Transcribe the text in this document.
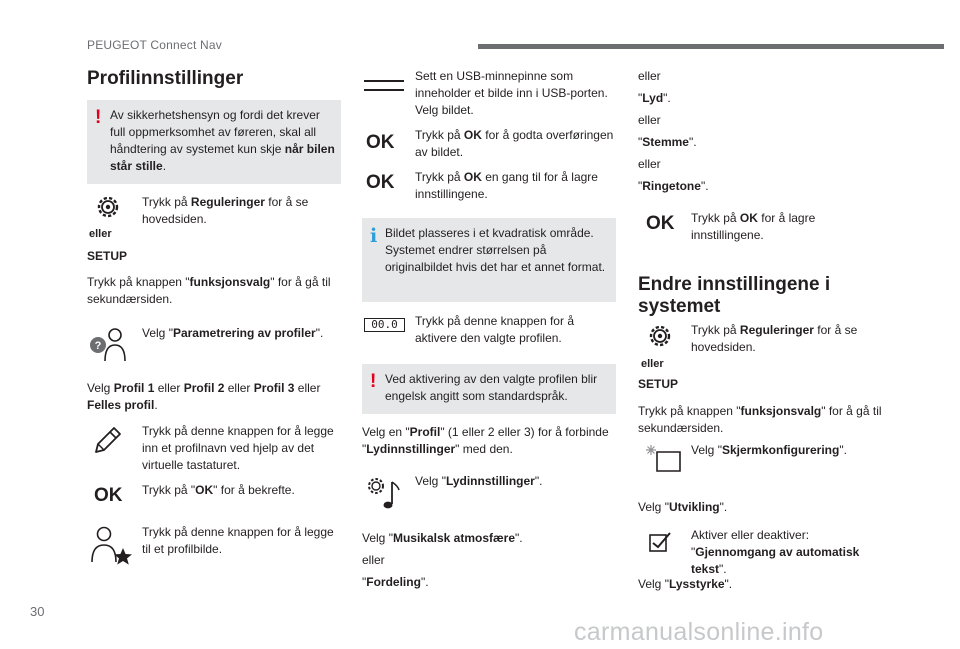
PEUGEOT Connect Nav
Profilinnstillinger
! Av sikkerhetshensyn og fordi det krever full oppmerksomhet av føreren, skal all håndtering av systemet kun skje når bilen står stille.

eller
SETUP

Trykk på Reguleringer for å se hovedsiden.

Trykk på knappen "funksjonsvalg" for å gå til sekundærsiden.

?

Velg "Parametrering av profiler".

Velg Profil 1 eller Profil 2 eller Profil 3 eller Felles profil.

Trykk på denne knappen for å legge inn et profilnavn ved hjelp av det virtuelle tastaturet.

OK Trykk på "OK" for å bekrefte.

Trykk på denne knappen for å legge til et profilbilde.

Sett en USB-minnepinne som inneholder et bilde inn i USB-porten. Velg bildet.

OK Trykk på OK for å godta overføringen av bildet.

OK Trykk på OK en gang til for å lagre innstillingene.

i Bildet plasseres i et kvadratisk område. Systemet endrer størrelsen på originalbildet hvis det har et annet format.

00.0	Trykk på denne knappen for å aktivere den valgte profilen.

! Ved aktivering av den valgte profilen blir engelsk angitt som standardspråk.

Velg en "Profil" (1 eller 2 eller 3) for å forbinde "Lydinnstillinger" med den.

Velg "Lydinnstillinger".

Velg "Musikalsk atmosfære".

eller

"Fordeling".

eller

"Lyd".

eller

"Stemme".

eller

"Ringetone".

OK Trykk på OK for å lagre innstillingene.

Endre innstillingene i systemet
eller
SETUP

Trykk på Reguleringer for å se hovedsiden.

Trykk på knappen "funksjonsvalg" for å gå til sekundærsiden.

Velg "Skjermkonfigurering".

Velg "Utvikling".

Aktiver eller deaktiver: "Gjennomgang av automatisk tekst".

Velg "Lysstyrke".

30
carmanualsonline.info
